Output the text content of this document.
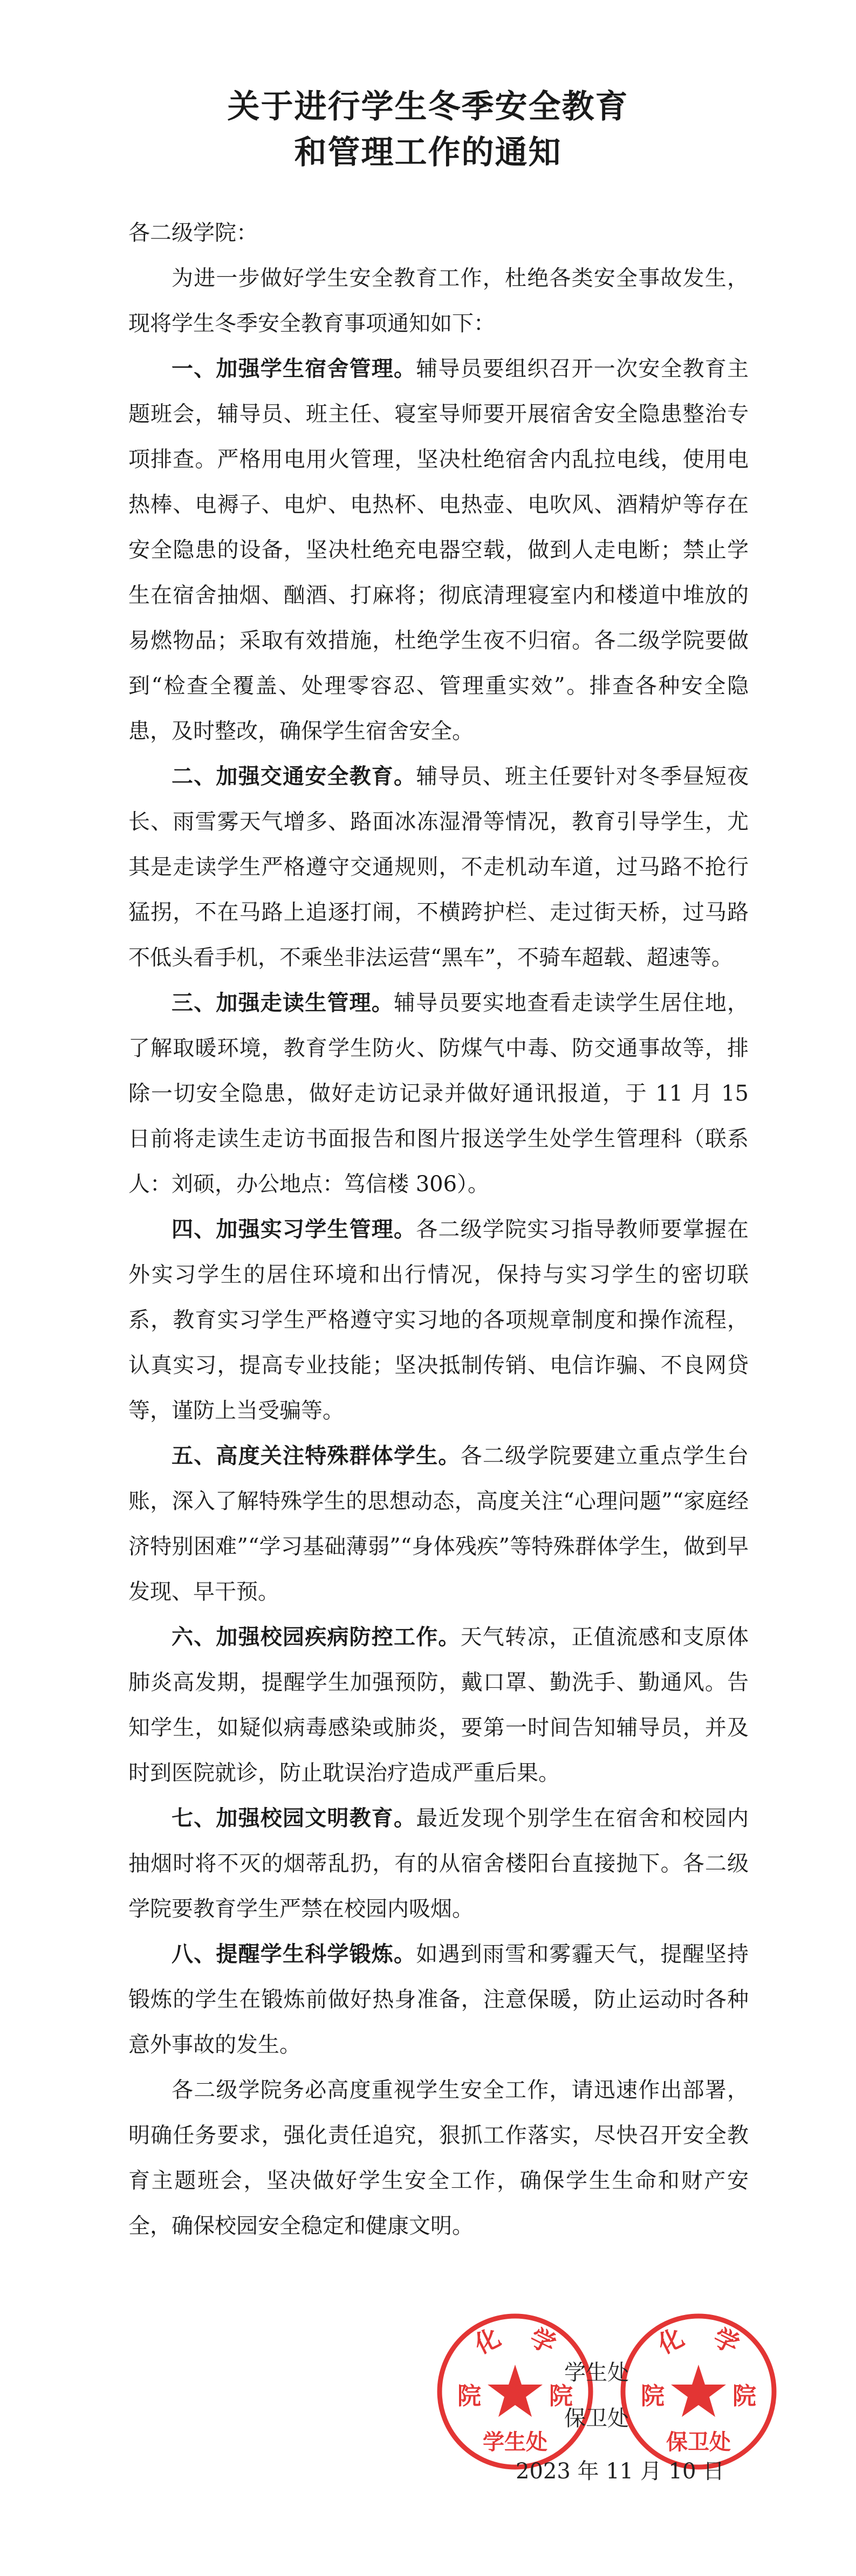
关于进行学生冬季安全教育
和管理工作的通知

各二级学院：

为进一步做好学生安全教育工作，杜绝各类安全事故发生，现将学生冬季安全教育事项通知如下：

一、加强学生宿舍管理。辅导员要组织召开一次安全教育主题班会，辅导员、班主任、寝室导师要开展宿舍安全隐患整治专项排查。严格用电用火管理，坚决杜绝宿舍内乱拉电线，使用电热棒、电褥子、电炉、电热杯、电热壶、电吹风、酒精炉等存在安全隐患的设备，坚决杜绝充电器空载，做到人走电断；禁止学生在宿舍抽烟、酗酒、打麻将；彻底清理寝室内和楼道中堆放的易燃物品；采取有效措施，杜绝学生夜不归宿。各二级学院要做到“检查全覆盖、处理零容忍、管理重实效”。排查各种安全隐患，及时整改，确保学生宿舍安全。

二、加强交通安全教育。辅导员、班主任要针对冬季昼短夜长、雨雪雾天气增多、路面冰冻湿滑等情况，教育引导学生，尤其是走读学生严格遵守交通规则，不走机动车道，过马路不抢行猛拐，不在马路上追逐打闹，不横跨护栏、走过街天桥，过马路不低头看手机，不乘坐非法运营“黑车”，不骑车超载、超速等。

三、加强走读生管理。辅导员要实地查看走读学生居住地，了解取暖环境，教育学生防火、防煤气中毒、防交通事故等，排除一切安全隐患，做好走访记录并做好通讯报道，于 11 月 15 日前将走读生走访书面报告和图片报送学生处学生管理科（联系人：刘硕，办公地点：笃信楼 306）。

四、加强实习学生管理。各二级学院实习指导教师要掌握在外实习学生的居住环境和出行情况，保持与实习学生的密切联系，教育实习学生严格遵守实习地的各项规章制度和操作流程，认真实习，提高专业技能；坚决抵制传销、电信诈骗、不良网贷等，谨防上当受骗等。

五、高度关注特殊群体学生。各二级学院要建立重点学生台账，深入了解特殊学生的思想动态，高度关注“心理问题”“家庭经济特别困难”“学习基础薄弱”“身体残疾”等特殊群体学生，做到早发现、早干预。

六、加强校园疾病防控工作。天气转凉，正值流感和支原体肺炎高发期，提醒学生加强预防，戴口罩、勤洗手、勤通风。告知学生，如疑似病毒感染或肺炎，要第一时间告知辅导员，并及时到医院就诊，防止耽误治疗造成严重后果。

七、加强校园文明教育。最近发现个别学生在宿舍和校园内抽烟时将不灭的烟蒂乱扔，有的从宿舍楼阳台直接抛下。各二级学院要教育学生严禁在校园内吸烟。

八、提醒学生科学锻炼。如遇到雨雪和雾霾天气，提醒坚持锻炼的学生在锻炼前做好热身准备，注意保暖，防止运动时各种意外事故的发生。

各二级学院务必高度重视学生安全工作，请迅速作出部署，明确任务要求，强化责任追究，狠抓工作落实，尽快召开安全教育主题班会，坚决做好学生安全工作，确保学生生命和财产安全，确保校园安全稳定和健康文明。

化　学
院	院
学生处
化　学
院	院
保卫处
学生处
保卫处
2023 年 11 月 10 日
